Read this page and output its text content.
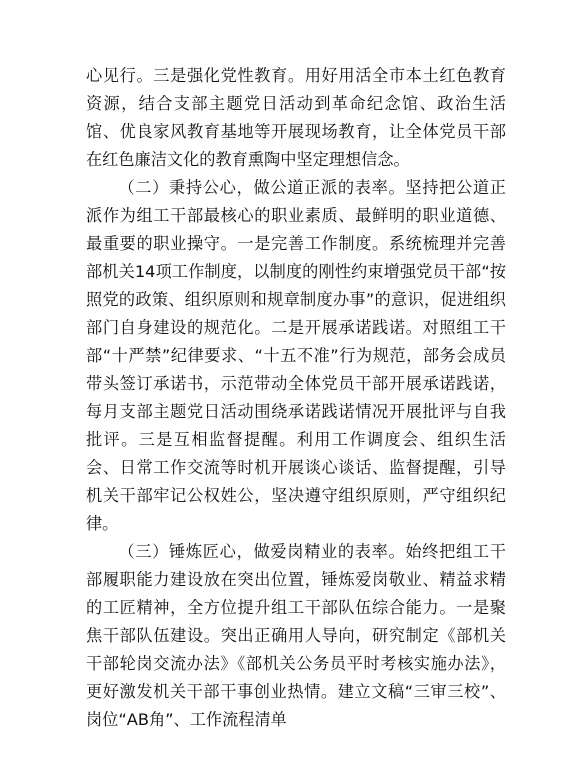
心见行。三是强化党性教育。用好用活全市本土红色教育资源，结合支部主题党日活动到革命纪念馆、政治生活馆、优良家风教育基地等开展现场教育，让全体党员干部在红色廉洁文化的教育熏陶中坚定理想信念。

（二）秉持公心，做公道正派的表率。坚持把公道正派作为组工干部最核心的职业素质、最鲜明的职业道德、最重要的职业操守。一是完善工作制度。系统梳理并完善部机关14项工作制度，以制度的刚性约束增强党员干部“按照党的政策、组织原则和规章制度办事”的意识，促进组织部门自身建设的规范化。二是开展承诺践诺。对照组工干部“十严禁”纪律要求、“十五不准”行为规范，部务会成员带头签订承诺书，示范带动全体党员干部开展承诺践诺，每月支部主题党日活动围绕承诺践诺情况开展批评与自我批评。三是互相监督提醒。利用工作调度会、组织生活会、日常工作交流等时机开展谈心谈话、监督提醒，引导机关干部牢记公权姓公，坚决遵守组织原则，严守组织纪律。

（三）锤炼匠心，做爱岗精业的表率。始终把组工干部履职能力建设放在突出位置，锤炼爱岗敬业、精益求精的工匠精神，全方位提升组工干部队伍综合能力。一是聚焦干部队伍建设。突出正确用人导向，研究制定《部机关干部轮岗交流办法》《部机关公务员平时考核实施办法》，更好激发机关干部干事创业热情。建立文稿“三审三校”、岗位“AB角”、工作流程清单
